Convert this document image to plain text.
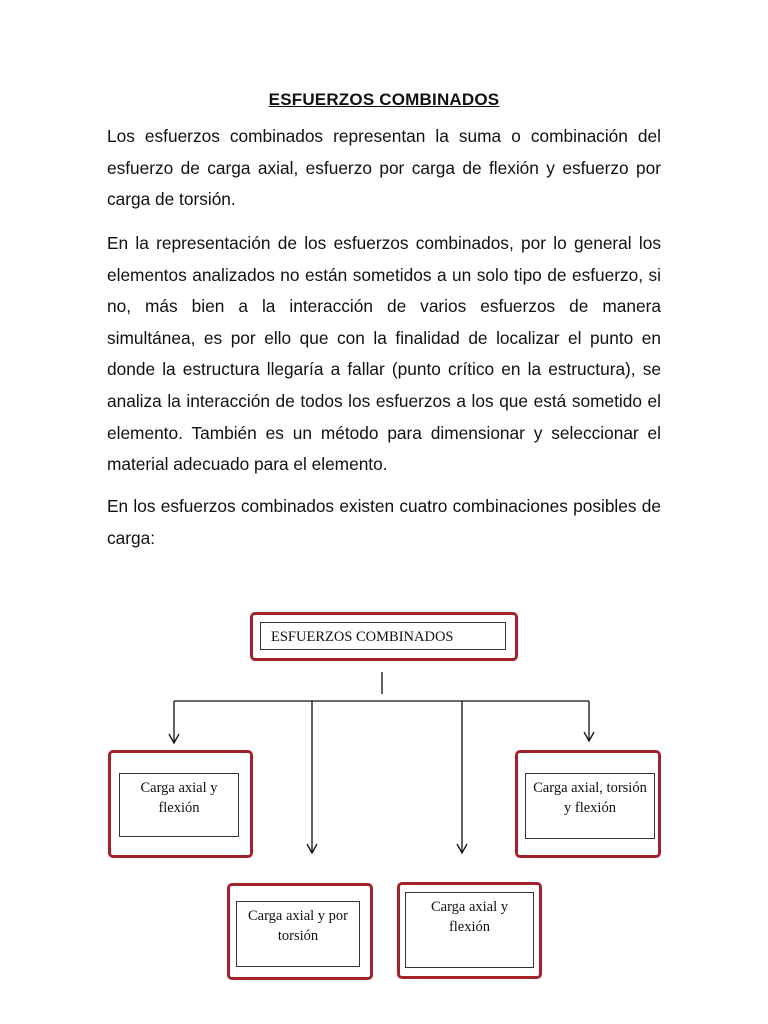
ESFUERZOS COMBINADOS

Los esfuerzos combinados representan la suma o combinación del esfuerzo de carga axial, esfuerzo por carga de flexión y esfuerzo por carga de torsión.

En la representación de los esfuerzos combinados, por lo general los elementos analizados no están sometidos a un solo tipo de esfuerzo, si no, más bien a la interacción de varios esfuerzos de manera simultánea, es por ello que con la finalidad de localizar el punto en donde la estructura llegaría a fallar (punto crítico en la estructura), se analiza la interacción de todos los esfuerzos a los que está sometido el elemento. También es un método para dimensionar y seleccionar el material adecuado para el elemento.

En los esfuerzos combinados existen cuatro combinaciones posibles de carga:

ESFUERZOS COMBINADOS
Carga axial y flexión
Carga axial, torsión y flexión
Carga axial y por torsión
Carga axial y flexión
